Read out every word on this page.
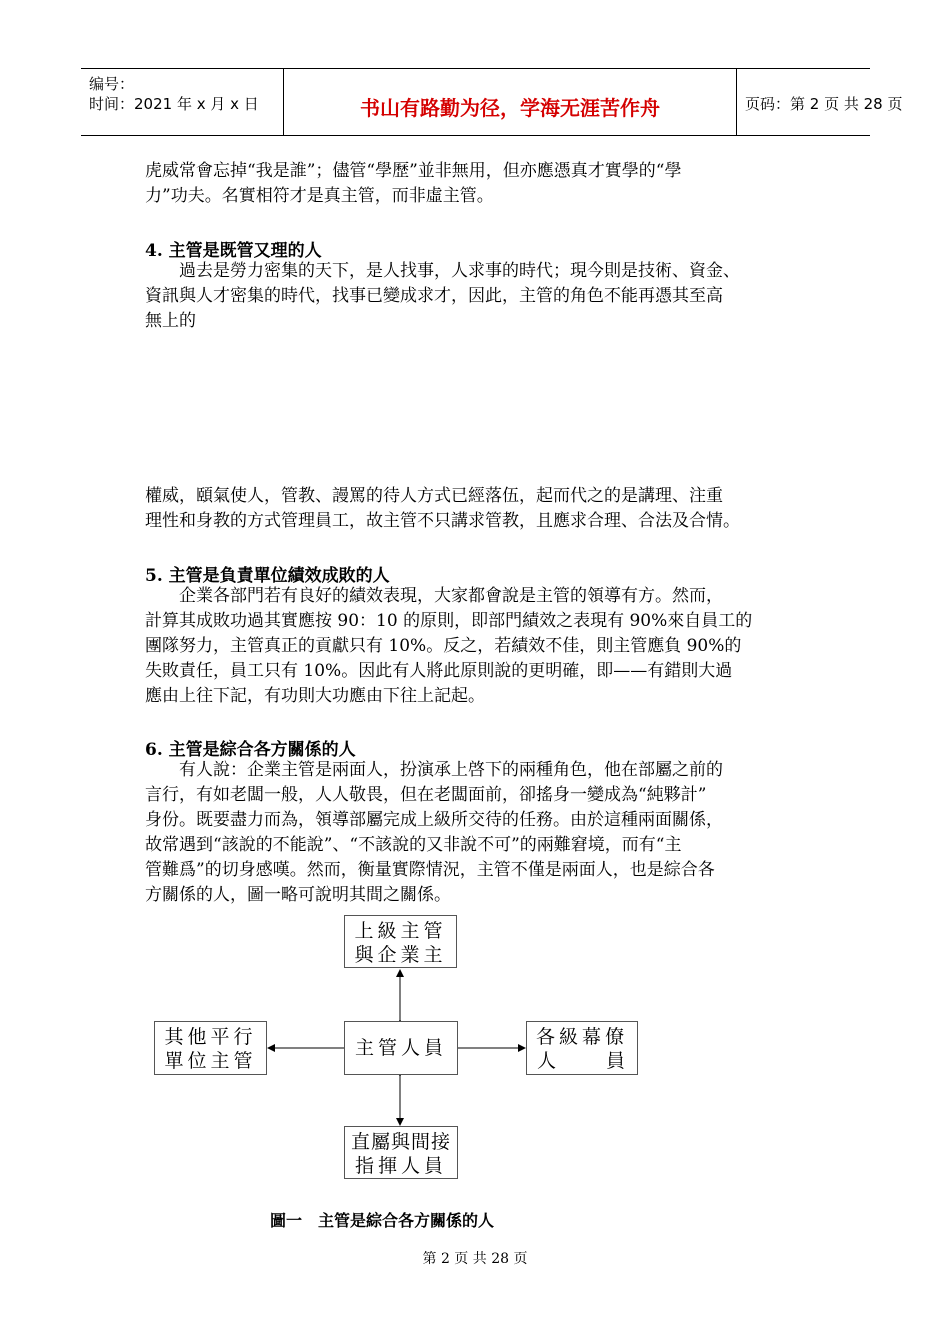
编号：
时间：2021 年 x 月 x 日	书山有路勤为径，学海无涯苦作舟	页码：第 2 页 共 28 页
虎威常會忘掉“我是誰”；儘管“學歷”並非無用，但亦應憑真才實學的“學
力”功夫。名實相符才是真主管，而非虛主管。
4. 主管是既管又理的人
　　過去是勞力密集的天下，是人找事，人求事的時代；現今則是技術、資金、
資訊與人才密集的時代，找事已變成求才，因此，主管的角色不能再憑其至高
無上的
權威，頤氣使人，管教、謾罵的待人方式已經落伍，起而代之的是講理、注重
理性和身教的方式管理員工，故主管不只講求管教，且應求合理、合法及合情。
5. 主管是負責單位績效成敗的人
　　企業各部門若有良好的績效表現，大家都會說是主管的領導有方。然而，
計算其成敗功過其實應按 90：10 的原則，即部門績效之表現有 90%來自員工的
團隊努力，主管真正的貢獻只有 10%。反之，若績效不佳，則主管應負 90%的
失敗責任，員工只有 10%。因此有人將此原則說的更明確，即——有錯則大過
應由上往下記，有功則大功應由下往上記起。
6. 主管是綜合各方關係的人
　　有人說：企業主管是兩面人，扮演承上啓下的兩種角色，他在部屬之前的
言行，有如老闆一般，人人敬畏，但在老闆面前，卻搖身一變成為“純夥計”
身份。既要盡力而為，領導部屬完成上級所交待的任務。由於這種兩面關係，
故常遇到“該說的不能說”、“不該說的又非說不可”的兩難窘境，而有“主
管難爲”的切身感嘆。然而，衡量實際情況，主管不僅是兩面人，也是綜合各
方關係的人，圖一略可說明其間之關係。
上級主管
與企業主
其他平行
單位主管
主管人員	各級幕僚
人 員
直屬與間接
指揮人員
圖一　主管是綜合各方關係的人
第 2 页 共 28 页
